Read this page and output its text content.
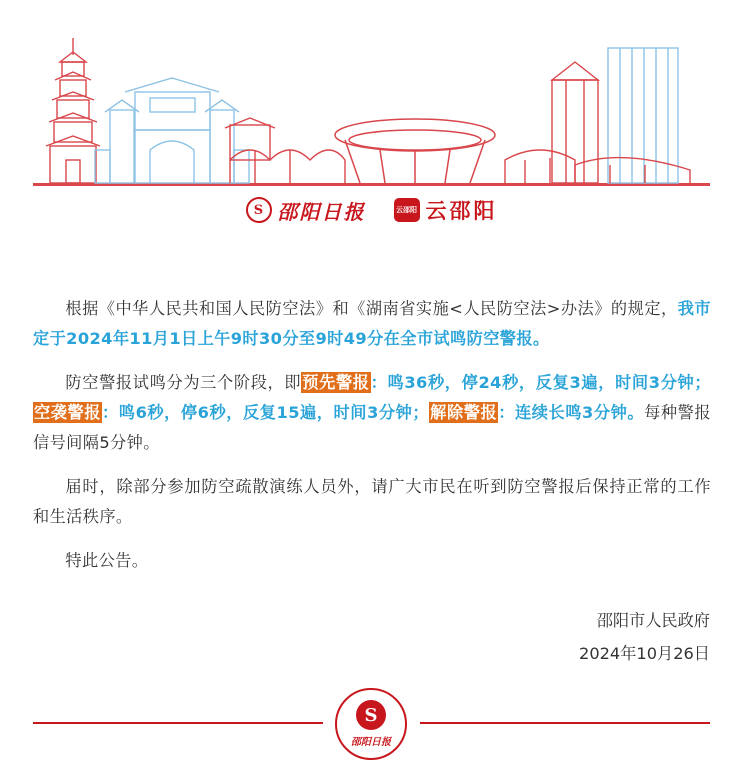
S 邵阳日报	云邵阳 云邵阳

根据《中华人民共和国人民防空法》和《湖南省实施<人民防空法>办法》的规定，我市定于2024年11月1日上午9时30分至9时49分在全市试鸣防空警报。

防空警报试鸣分为三个阶段，即预先警报：鸣36秒，停24秒，反复3遍，时间3分钟；空袭警报：鸣6秒，停6秒，反复15遍，时间3分钟；解除警报：连续长鸣3分钟。每种警报信号间隔5分钟。

届时，除部分参加防空疏散演练人员外，请广大市民在听到防空警报后保持正常的工作和生活秩序。

特此公告。

邵阳市人民政府
2024年10月26日
S
邵阳日报
